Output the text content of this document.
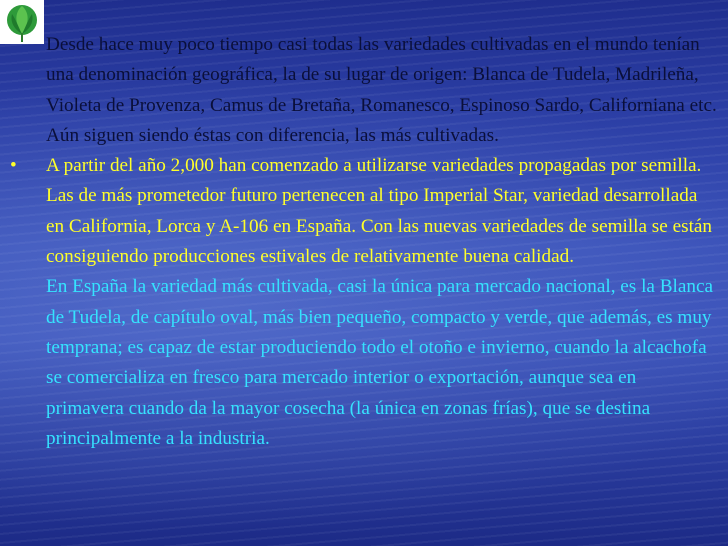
Desde hace muy poco tiempo casi todas las variedades cultivadas en el mundo tenían una denominación geográfica, la de su lugar de origen: Blanca de Tudela, Madrileña, Violeta de Provenza, Camus de Bretaña, Romanesco, Espinoso Sardo, Californiana etc. Aún siguen siendo éstas con diferencia, las más cultivadas.

• A partir del año 2,000 han comenzado a utilizarse variedades propagadas por semilla. Las de más prometedor futuro pertenecen al tipo Imperial Star, variedad desarrollada en California, Lorca y A-106 en España. Con las nuevas variedades de semilla se están consiguiendo producciones estivales de relativamente buena calidad.

En España la variedad más cultivada, casi la única para mercado nacional, es la Blanca de Tudela, de capítulo oval, más bien pequeño, compacto y verde, que además, es muy temprana; es capaz de estar produciendo todo el otoño e invierno, cuando la alcachofa se comercializa en fresco para mercado interior o exportación, aunque sea en primavera cuando da la mayor cosecha (la única en zonas frías), que se destina principalmente a la industria.
